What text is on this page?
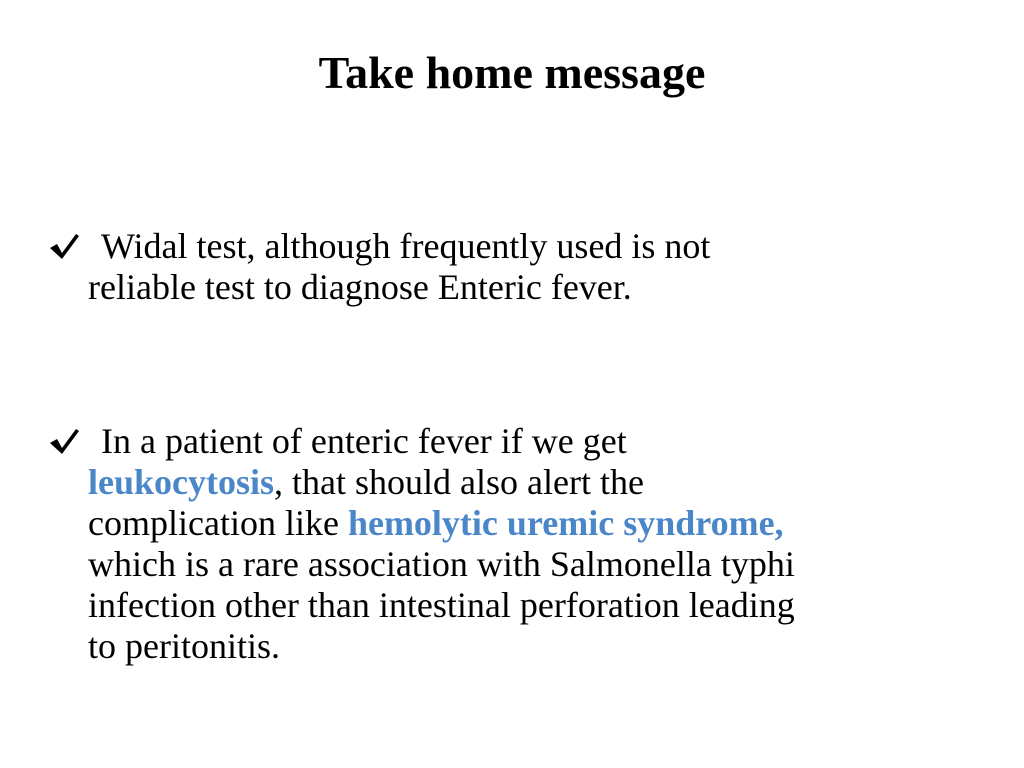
Take home message
Widal test, although frequently used is not
reliable test to diagnose Enteric fever.
In a patient of enteric fever if we get
leukocytosis, that should also alert the
complication like hemolytic uremic syndrome,
which is a rare association with Salmonella typhi
infection other than intestinal perforation leading
to peritonitis.
